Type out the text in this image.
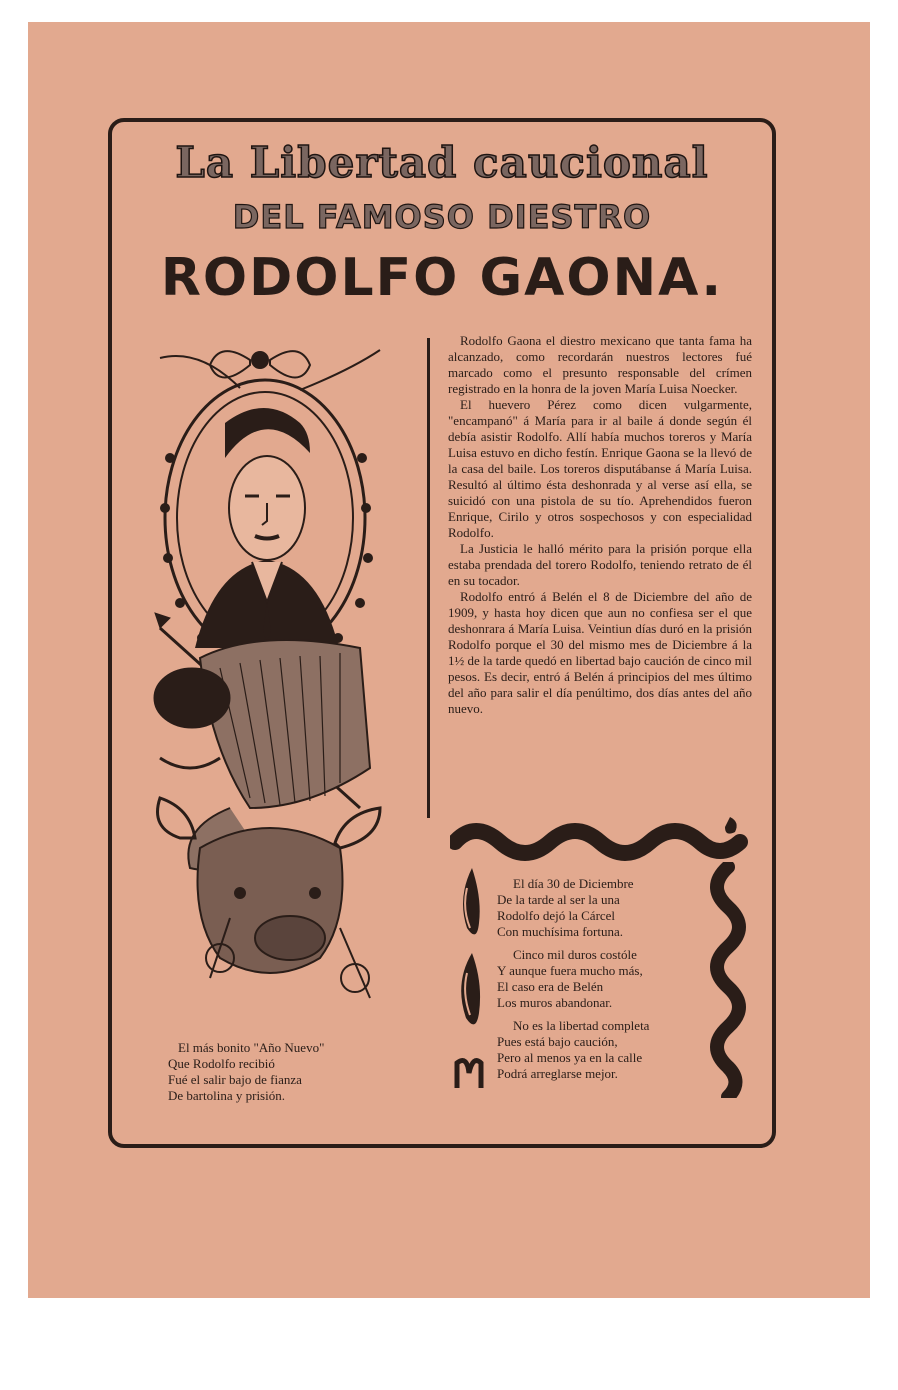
La Libertad caucional
DEL FAMOSO DIESTRO
RODOLFO GAONA.

Rodolfo Gaona el diestro mexicano que tanta fama ha alcanzado, como recordarán nuestros lectores fué marcado como el presunto responsable del crímen registrado en la honra de la joven María Luisa Noecker.

El huevero Pérez como dicen vulgarmente, "encampanó" á María para ir al baile á donde según él debía asistir Rodolfo. Allí había muchos toreros y María Luisa estuvo en dicho festín. Enrique Gaona se la llevó de la casa del baile. Los toreros disputábanse á María Luisa. Resultó al último ésta deshonrada y al verse así ella, se suicidó con una pistola de su tío. Aprehendidos fueron Enrique, Cirilo y otros sospechosos y con especialidad Rodolfo.

La Justicia le halló mérito para la prisión porque ella estaba prendada del torero Rodolfo, teniendo retrato de él en su tocador.

Rodolfo entró á Belén el 8 de Diciembre del año de 1909, y hasta hoy dicen que aun no confiesa ser el que deshonrara á María Luisa. Veintiun días duró en la prisión Rodolfo porque el 30 del mismo mes de Diciembre á la 1½ de la tarde quedó en libertad bajo caución de cinco mil pesos. Es decir, entró á Belén á principios del mes último del año para salir el día penúltimo, dos días antes del año nuevo.

El más bonito "Año Nuevo"
Que Rodolfo recibió
Fué el salir bajo de fianza
De bartolina y prisión.
El día 30 de Diciembre
De la tarde al ser la una
Rodolfo dejó la Cárcel
Con muchísima fortuna.
Cinco mil duros costóle
Y aunque fuera mucho más,
El caso era de Belén
Los muros abandonar.
No es la libertad completa
Pues está bajo caución,
Pero al menos ya en la calle
Podrá arreglarse mejor.
